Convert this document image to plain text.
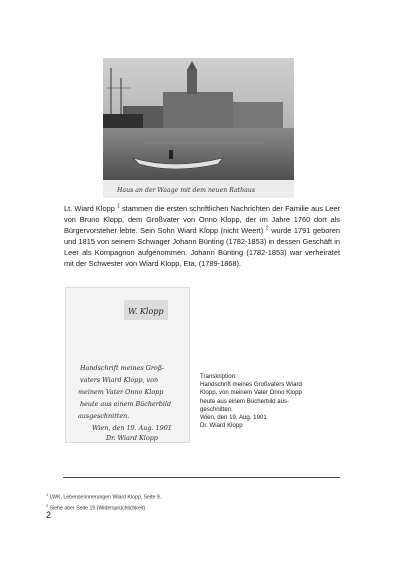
Haus an der Waage mit dem neuen Rathaus

Lt. Wiard Klopp $^1$ stammen die ersten schriftlichen Nachrichten der Familie aus Leer von Bruno Klopp, dem Großvater von Onno Klopp, der im Jahre 1760 dort als Bürgervorsteher lebte. Sein Sohn Wiard Klopp (nicht Weert) $^2$ wurde 1791 geboren und 1815 von seinem Schwager Johann Bünting (1782-1853) in dessen Geschäft in Leer als Kompagnon aufgenommen. Johann Bünting (1782-1853) war verheiratet mit der Schwester von Wiard Klopp, Eta, (1789-1868).

W. Klopp
Handschrift meines Groß-
vaters Wiard Klopp, von
meinem Vater Onno Klopp
heute aus einem Bücherbild
ausgeschnitten.
Wien, den 19. Aug. 1901
Dr. Wiard Klopp
Transkription:
Handschrift meines Großvaters Wiard
Klopp, von meinem Vater Onno Klopp
heute aus einem Bücherbild aus-
geschnitten.
Wien, den 19. Aug. 1901
Dr. Wiard Klopp
$^1$ LWK, Lebenserinnerungen Wiard Klopp, Seite 9.
$^2$ Siehe aber Seite 19 (Widersprüchlichkeit).
2
